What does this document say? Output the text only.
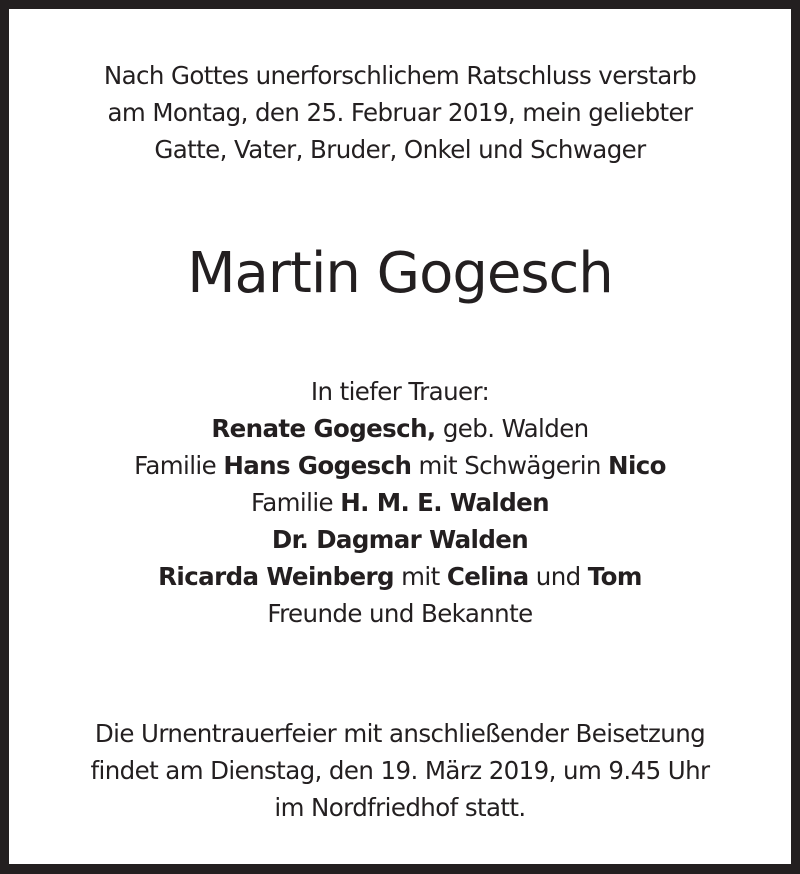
Nach Gottes unerforschlichem Ratschluss verstarb
am Montag, den 25. Februar 2019, mein geliebter
Gatte, Vater, Bruder, Onkel und Schwager
Martin Gogesch
In tiefer Trauer:
Renate Gogesch, geb. Walden
Familie Hans Gogesch mit Schwägerin Nico
Familie H. M. E. Walden
Dr. Dagmar Walden
Ricarda Weinberg mit Celina und Tom
Freunde und Bekannte
Die Urnentrauerfeier mit anschließender Beisetzung
findet am Dienstag, den 19. März 2019, um 9.45 Uhr
im Nordfriedhof statt.
